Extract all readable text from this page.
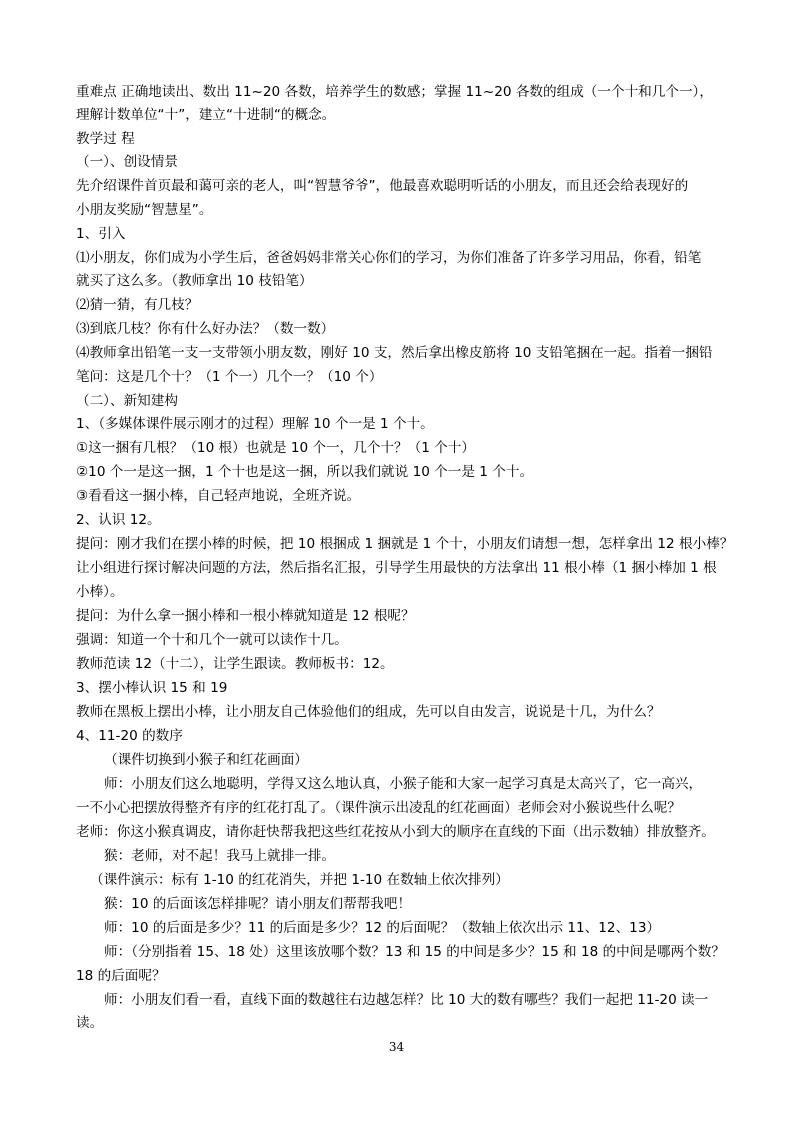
重难点 正确地读出、数出 11~20 各数，培养学生的数感；掌握 11~20 各数的组成（一个十和几个一），
理解计数单位“十”，建立“十进制“的概念。
教学过 程
（一）、创设情景
先介绍课件首页最和蔼可亲的老人，叫“智慧爷爷”，他最喜欢聪明听话的小朋友，而且还会给表现好的
小朋友奖励“智慧星”。
1、引入
⑴小朋友，你们成为小学生后，爸爸妈妈非常关心你们的学习，为你们准备了许多学习用品，你看，铅笔
就买了这么多。（教师拿出 10 枝铅笔）
⑵猜一猜，有几枝？
⑶到底几枝？你有什么好办法？（数一数）
⑷教师拿出铅笔一支一支带领小朋友数，刚好 10 支，然后拿出橡皮筋将 10 支铅笔捆在一起。指着一捆铅
笔问：这是几个十？（1 个一）几个一？（10 个）
（二）、新知建构
1、（多媒体课件展示刚才的过程）理解 10 个一是 1 个十。
①这一捆有几根？（10 根）也就是 10 个一，几个十？（1 个十）
②10 个一是这一捆，1 个十也是这一捆，所以我们就说 10 个一是 1 个十。
③看看这一捆小棒，自己轻声地说，全班齐说。
2、认识 12。
提问：刚才我们在摆小棒的时候，把 10 根捆成 1 捆就是 1 个十，小朋友们请想一想，怎样拿出 12 根小棒？
让小组进行探讨解决问题的方法，然后指名汇报，引导学生用最快的方法拿出 11 根小棒（1 捆小棒加 1 根
小棒）。
提问：为什么拿一捆小棒和一根小棒就知道是 12 根呢？
强调：知道一个十和几个一就可以读作十几。
教师范读 12（十二），让学生跟读。教师板书：12。
3、摆小棒认识 15 和 19
教师在黑板上摆出小棒，让小朋友自己体验他们的组成，先可以自由发言，说说是十几，为什么？
4、11-20 的数序
（课件切换到小猴子和红花画面）
师：小朋友们这么地聪明，学得又这么地认真，小猴子能和大家一起学习真是太高兴了，它一高兴，
一不小心把摆放得整齐有序的红花打乱了。（课件演示出凌乱的红花画面）老师会对小猴说些什么呢？
老师：你这小猴真调皮，请你赶快帮我把这些红花按从小到大的顺序在直线的下面（出示数轴）排放整齐。
猴：老师，对不起！我马上就排一排。
（课件演示：标有 1-10 的红花消失，并把 1-10 在数轴上依次排列）
猴：10 的后面该怎样排呢？请小朋友们帮帮我吧！
师：10 的后面是多少？11 的后面是多少？12 的后面呢？（数轴上依次出示 11、12、13）
师：（分别指着 15、18 处）这里该放哪个数？13 和 15 的中间是多少？15 和 18 的中间是哪两个数？
18 的后面呢？
师：小朋友们看一看，直线下面的数越往右边越怎样？比 10 大的数有哪些？我们一起把 11-20 读一
读。
34
